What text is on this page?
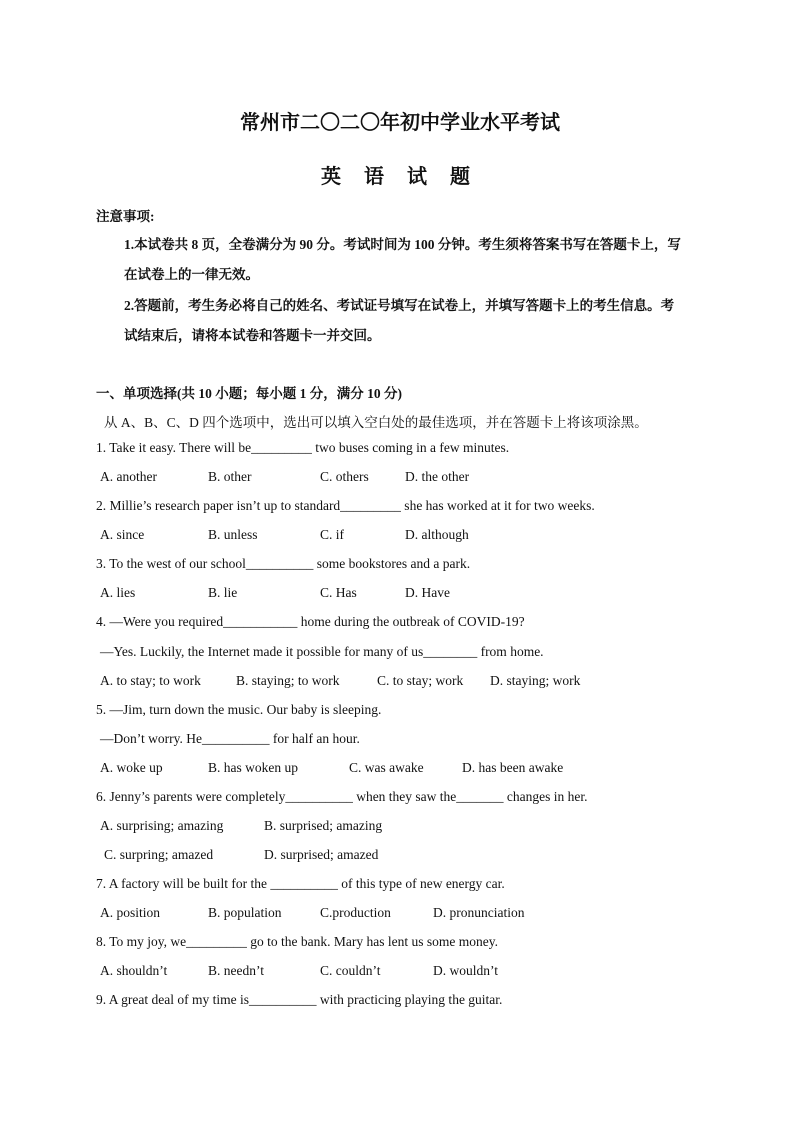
常州市二〇二〇年初中学业水平考试
英 语 试 题
注意事项:
1.本试卷共 8 页，全卷满分为 90 分。考试时间为 100 分钟。考生须将答案书写在答题卡上，写
在试卷上的一律无效。
2.答题前，考生务必将自己的姓名、考试证号填写在试卷上，并填写答题卡上的考生信息。考
试结束后，请将本试卷和答题卡一并交回。
一、单项选择(共 10 小题；每小题 1 分，满分 10 分)
从 A、B、C、D 四个选项中，选出可以填入空白处的最佳选项，并在答题卡上将该项涂黑。
1. Take it easy. There will be_________ two buses coming in a few minutes.
A. another	B. other	C. others	D. the other
2. Millie’s research paper isn’t up to standard_________ she has worked at it for two weeks.
A. since	B. unless	C. if	D. although
3. To the west of our school__________ some bookstores and a park.
A. lies	B. lie	C. Has	D. Have
4. —Were you required___________ home during the outbreak of COVID-19?
—Yes. Luckily, the Internet made it possible for many of us________ from home.
A. to stay; to work	B. staying; to work	C. to stay; work D. staying; work
5. —Jim, turn down the music. Our baby is sleeping.
—Don’t worry. He__________ for half an hour.
A. woke up	B. has woken up	C. was awake	D. has been awake
6. Jenny’s parents were completely__________ when they saw the_______ changes in her.
A. surprising; amazing	B. surprised; amazing
C. surpring; amazed	D. surprised; amazed
7. A factory will be built for the __________ of this type of new energy car.
A. position	B. population	C.production	D. pronunciation
8. To my joy, we_________ go to the bank. Mary has lent us some money.
A. shouldn’t	B. needn’t	C. couldn’t	D. wouldn’t
9. A great deal of my time is__________ with practicing playing the guitar.
